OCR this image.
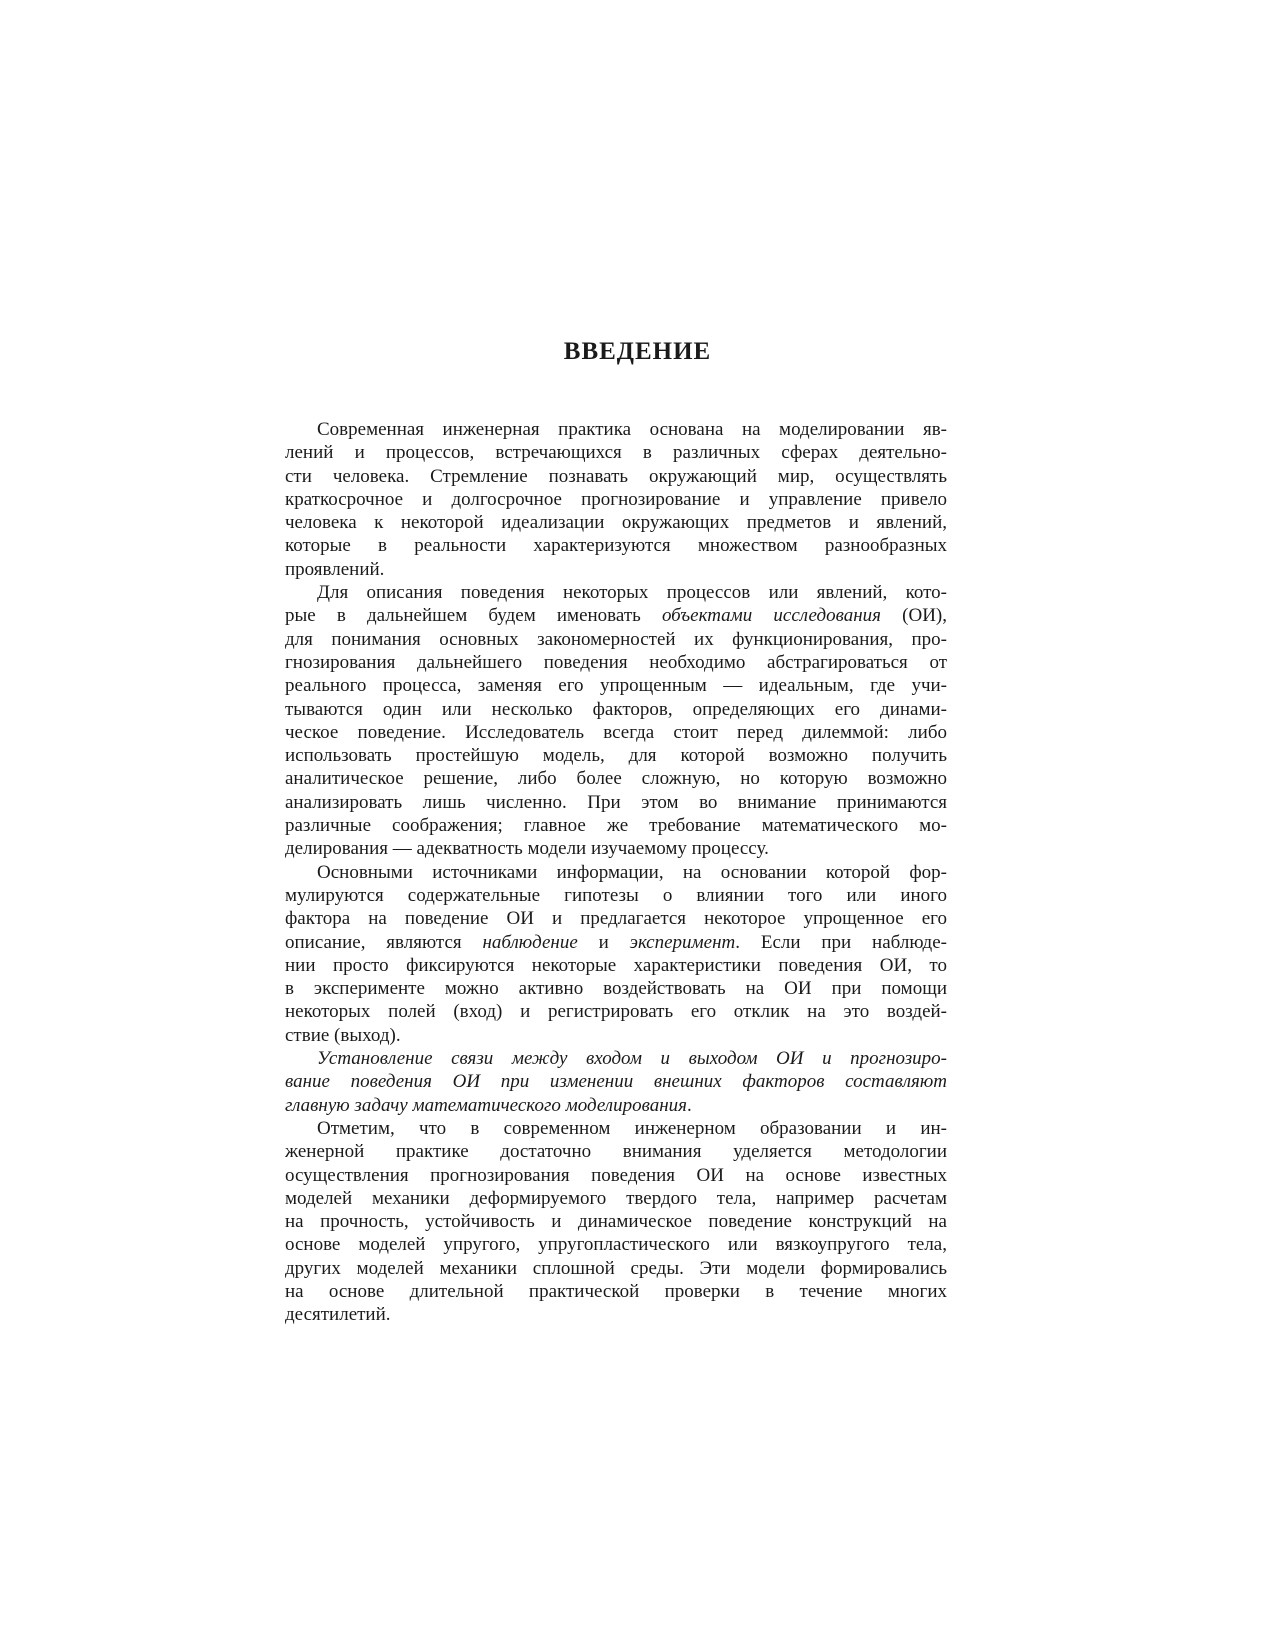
ВВЕДЕНИЕ

Современная инженерная практика основана на моделировании яв-
лений и процессов, встречающихся в различных сферах деятельно-
сти человека. Стремление познавать окружающий мир, осуществлять
краткосрочное и долгосрочное прогнозирование и управление привело
человека к некоторой идеализации окружающих предметов и явлений,
которые в реальности характеризуются множеством разнообразных
проявлений.

Для описания поведения некоторых процессов или явлений, кото-
рые в дальнейшем будем именовать объектами исследования (ОИ),
для понимания основных закономерностей их функционирования, про-
гнозирования дальнейшего поведения необходимо абстрагироваться от
реального процесса, заменяя его упрощенным — идеальным, где учи-
тываются один или несколько факторов, определяющих его динами-
ческое поведение. Исследователь всегда стоит перед дилеммой: либо
использовать простейшую модель, для которой возможно получить
аналитическое решение, либо более сложную, но которую возможно
анализировать лишь численно. При этом во внимание принимаются
различные соображения; главное же требование математического мо-
делирования — адекватность модели изучаемому процессу.

Основными источниками информации, на основании которой фор-
мулируются содержательные гипотезы о влиянии того или иного
фактора на поведение ОИ и предлагается некоторое упрощенное его
описание, являются наблюдение и эксперимент. Если при наблюде-
нии просто фиксируются некоторые характеристики поведения ОИ, то
в эксперименте можно активно воздействовать на ОИ при помощи
некоторых полей (вход) и регистрировать его отклик на это воздей-
ствие (выход).

Установление связи между входом и выходом ОИ и прогнозиро-
вание поведения ОИ при изменении внешних факторов составляют
главную задачу математического моделирования.

Отметим, что в современном инженерном образовании и ин-
женерной практике достаточно внимания уделяется методологии
осуществления прогнозирования поведения ОИ на основе известных
моделей механики деформируемого твердого тела, например расчетам
на прочность, устойчивость и динамическое поведение конструкций на
основе моделей упругого, упругопластического или вязкоупругого тела,
других моделей механики сплошной среды. Эти модели формировались
на основе длительной практической проверки в течение многих
десятилетий.
